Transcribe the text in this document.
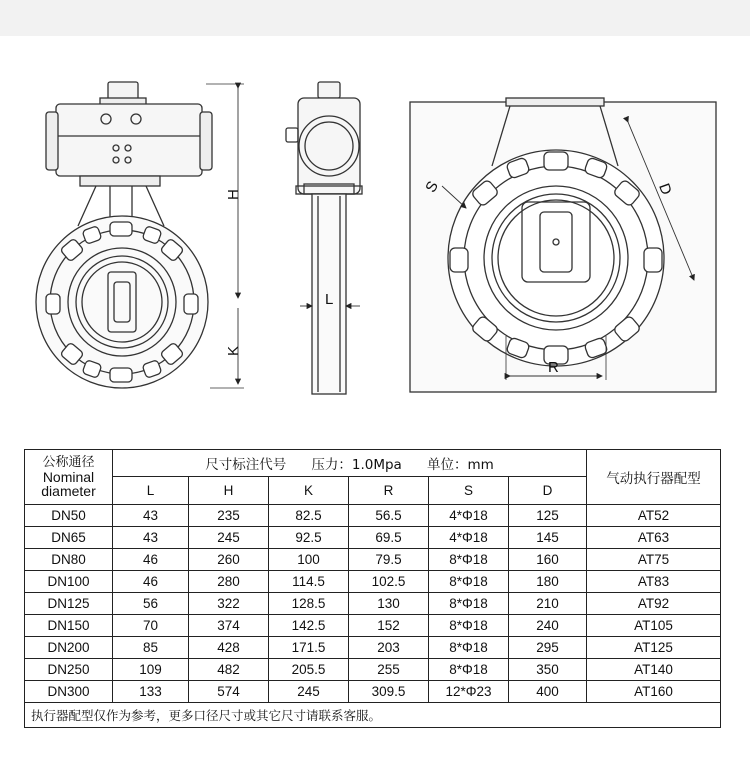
H
K
L
S	D
R
公称通径
Nominal
diameter	尺寸标注代号 压力：1.0Mpa 单位：mm						气动执行器配型
	L	H	K	R	S	D	
DN50	43	235	82.5	56.5	4*Φ18	125	AT52
DN65	43	245	92.5	69.5	4*Φ18	145	AT63
DN80	46	260	100	79.5	8*Φ18	160	AT75
DN100	46	280	114.5	102.5	8*Φ18	180	AT83
DN125	56	322	128.5	130	8*Φ18	210	AT92
DN150	70	374	142.5	152	8*Φ18	240	AT105
DN200	85	428	171.5	203	8*Φ18	295	AT125
DN250	109	482	205.5	255	8*Φ18	350	AT140
DN300	133	574	245	309.5	12*Φ23	400	AT160
执行器配型仅作为参考，更多口径尺寸或其它尺寸请联系客服。							
